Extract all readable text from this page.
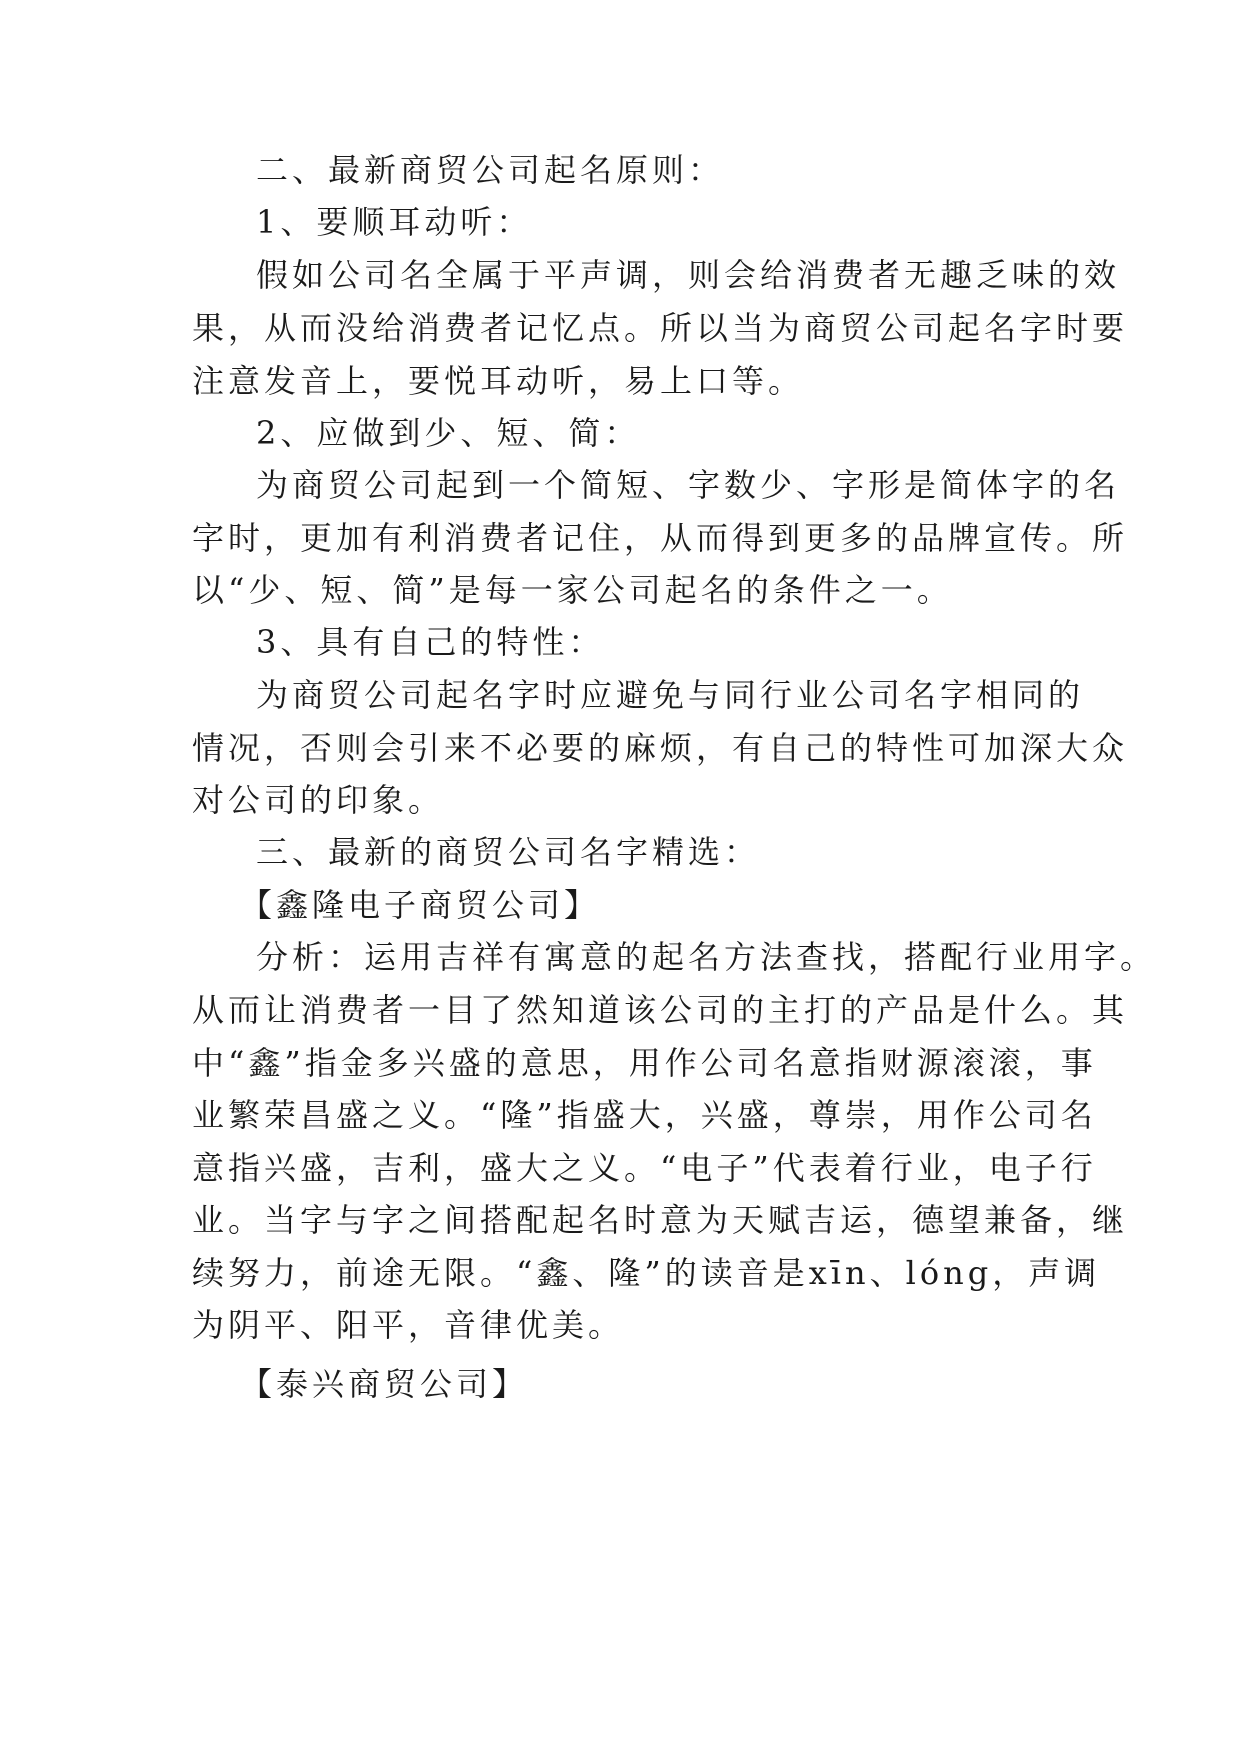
二、最新商贸公司起名原则：
1、要顺耳动听：
假如公司名全属于平声调，则会给消费者无趣乏味的效
果，从而没给消费者记忆点。所以当为商贸公司起名字时要
注意发音上，要悦耳动听，易上口等。
2、应做到少、短、简：
为商贸公司起到一个简短、字数少、字形是简体字的名
字时，更加有利消费者记住，从而得到更多的品牌宣传。所
以“少、短、简”是每一家公司起名的条件之一。
3、具有自己的特性：
为商贸公司起名字时应避免与同行业公司名字相同的
情况，否则会引来不必要的麻烦，有自己的特性可加深大众
对公司的印象。
三、最新的商贸公司名字精选：
【鑫隆电子商贸公司】
分析：运用吉祥有寓意的起名方法查找，搭配行业用字。
从而让消费者一目了然知道该公司的主打的产品是什么。其
中“鑫”指金多兴盛的意思，用作公司名意指财源滚滚，事
业繁荣昌盛之义。“隆”指盛大，兴盛，尊崇，用作公司名
意指兴盛，吉利，盛大之义。“电子”代表着行业，电子行
业。当字与字之间搭配起名时意为天赋吉运，德望兼备，继
续努力，前途无限。“鑫、隆”的读音是xīn、lóng，声调
为阴平、阳平，音律优美。
【泰兴商贸公司】
